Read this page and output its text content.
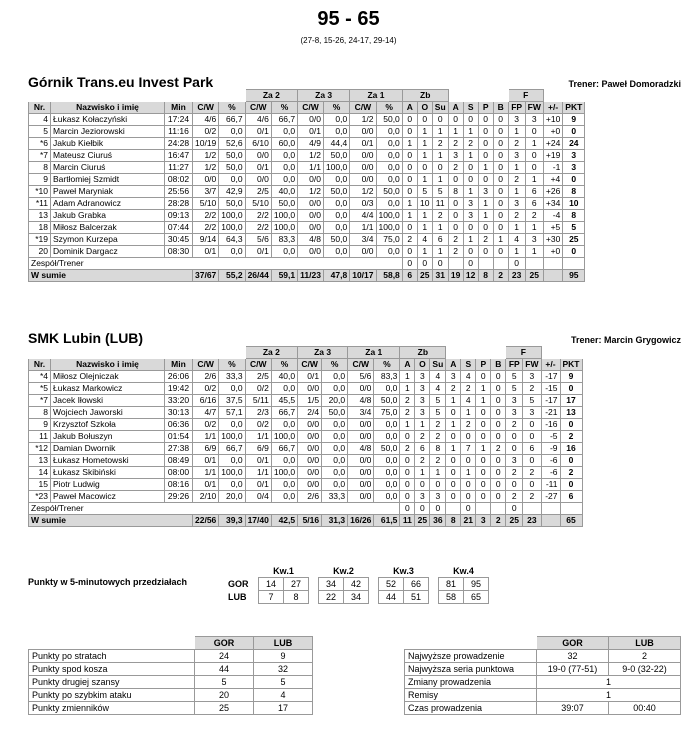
95 - 65
(27-8, 15-26, 24-17, 29-14)
Górnik Trans.eu Invest Park	Trener: Paweł Domoradzki
					Za 2		Za 3		Za 1		Zb							F			
Nr.	Nazwisko i imię	Min	C/W	%	C/W	%	C/W	%	C/W	%	A	O	Su	A	S	P	B	FP	FW	+/-	PKT
4	Łukasz Kołaczyński	17:24	4/6	66,7	4/6	66,7	0/0	0,0	1/2	50,0	0	0	0	0	0	0	0	3	3	+10	9
5	Marcin Jeziorowski	11:16	0/2	0,0	0/1	0,0	0/1	0,0	0/0	0,0	0	1	1	1	1	0	0	1	0	+0	0
*6	Jakub Kiełbik	24:28	10/19	52,6	6/10	60,0	4/9	44,4	0/1	0,0	1	1	2	2	2	0	0	2	1	+24	24
*7	Mateusz Ciuruś	16:47	1/2	50,0	0/0	0,0	1/2	50,0	0/0	0,0	0	1	1	3	1	0	0	3	0	+19	3
8	Marcin Ciuruś	11:27	1/2	50,0	0/1	0,0	1/1	100,0	0/0	0,0	0	0	0	2	0	1	0	1	0	-1	3
9	Bartłomiej Szmidt	08:02	0/0	0,0	0/0	0,0	0/0	0,0	0/0	0,0	0	1	1	0	0	0	0	2	1	+4	0
*10	Paweł Maryniak	25:56	3/7	42,9	2/5	40,0	1/2	50,0	1/2	50,0	0	5	5	8	1	3	0	1	6	+26	8
*11	Adam Adranowicz	28:28	5/10	50,0	5/10	50,0	0/0	0,0	0/3	0,0	1	10	11	0	3	1	0	3	6	+34	10
13	Jakub Grabka	09:13	2/2	100,0	2/2	100,0	0/0	0,0	4/4	100,0	1	1	2	0	3	1	0	2	2	-4	8
18	Miłosz Balcerzak	07:44	2/2	100,0	2/2	100,0	0/0	0,0	1/1	100,0	0	1	1	0	0	0	0	1	1	+5	5
*19	Szymon Kurzepa	30:45	9/14	64,3	5/6	83,3	4/8	50,0	3/4	75,0	2	4	6	2	1	2	1	4	3	+30	25
20	Dominik Dargacz	08:30	0/1	0,0	0/1	0,0	0/0	0,0	0/0	0,0	0	1	1	2	0	0	0	1	1	+0	0
Zespół/Trener											0	0	0		0			0			
W sumie			37/67	55,2	26/44	59,1	11/23	47,8	10/17	58,8	6	25	31	19	12	8	2	23	25		95
SMK Lubin (LUB)	Trener: Marcin Grygowicz
					Za 2		Za 3		Za 1		Zb							F			
Nr.	Nazwisko i imię	Min	C/W	%	C/W	%	C/W	%	C/W	%	A	O	Su	A	S	P	B	FP	FW	+/-	PKT
*4	Miłosz Olejniczak	26:06	2/6	33,3	2/5	40,0	0/1	0,0	5/6	83,3	1	3	4	3	4	0	0	5	3	-17	9
*5	Łukasz Markowicz	19:42	0/2	0,0	0/2	0,0	0/0	0,0	0/0	0,0	1	3	4	2	2	1	0	5	2	-15	0
*7	Jacek Iłowski	33:20	6/16	37,5	5/11	45,5	1/5	20,0	4/8	50,0	2	3	5	1	4	1	0	3	5	-17	17
8	Wojciech Jaworski	30:13	4/7	57,1	2/3	66,7	2/4	50,0	3/4	75,0	2	3	5	0	1	0	0	3	3	-21	13
9	Krzysztof Szkoła	06:36	0/2	0,0	0/2	0,0	0/0	0,0	0/0	0,0	1	1	2	1	2	0	0	2	0	-16	0
11	Jakub Bołuszyn	01:54	1/1	100,0	1/1	100,0	0/0	0,0	0/0	0,0	0	2	2	0	0	0	0	0	0	-5	2
*12	Damian Dwornik	27:38	6/9	66,7	6/9	66,7	0/0	0,0	4/8	50,0	2	6	8	1	7	1	2	0	6	-9	16
13	Łukasz Hometowski	08:49	0/1	0,0	0/1	0,0	0/0	0,0	0/0	0,0	0	2	2	0	0	0	0	3	0	-6	0
14	Łukasz Skibiński	08:00	1/1	100,0	1/1	100,0	0/0	0,0	0/0	0,0	0	1	1	0	1	0	0	2	2	-6	2
15	Piotr Ludwig	08:16	0/1	0,0	0/1	0,0	0/0	0,0	0/0	0,0	0	0	0	0	0	0	0	0	0	-11	0
*23	Paweł Macowicz	29:26	2/10	20,0	0/4	0,0	2/6	33,3	0/0	0,0	0	3	3	0	0	0	0	2	2	-27	6
Zespół/Trener											0	0	0		0			0			
W sumie			22/56	39,3	17/40	42,5	5/16	31,3	16/26	61,5	11	25	36	8	21	3	2	25	23		65
Punkty w 5-minutowych przedziałach
	Kw.1			Kw.2			Kw.3			Kw.4	
GOR	14	27		34	42		52	66		81	95
LUB	7	8		22	34		44	51		58	65
	GOR	LUB
Punkty po stratach	24	9
Punkty spod kosza	44	32
Punkty drugiej szansy	5	5
Punkty po szybkim ataku	20	4
Punkty zmienników	25	17
	GOR	LUB
Najwyższe prowadzenie	32	2
Najwyższa seria punktowa	19-0 (77-51)	9-0 (32-22)
Zmiany prowadzenia	1	
Remisy	1	
Czas prowadzenia	39:07	00:40
